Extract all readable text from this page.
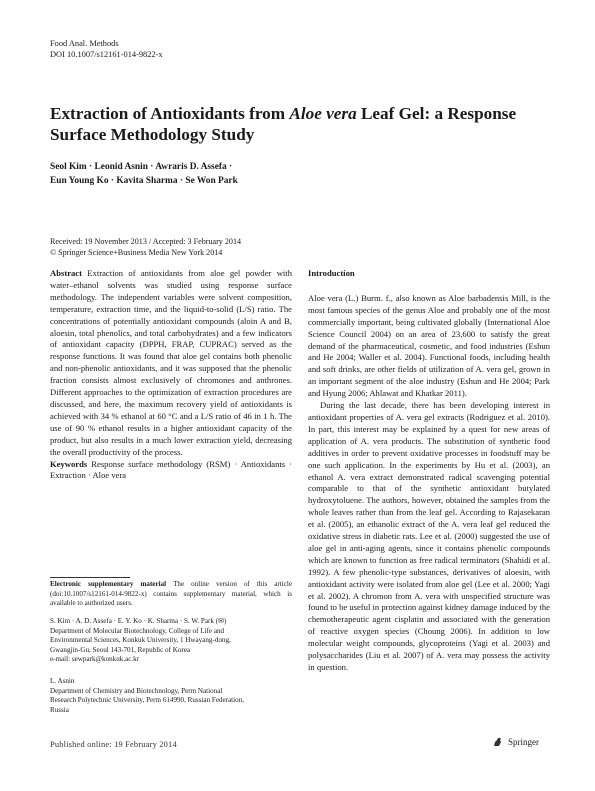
Food Anal. Methods
DOI 10.1007/s12161-014-9822-x
Extraction of Antioxidants from Aloe vera Leaf Gel: a Response Surface Methodology Study
Seol Kim · Leonid Asnin · Awraris D. Assefa ·
Eun Young Ko · Kavita Sharma · Se Won Park
Received: 19 November 2013 / Accepted: 3 February 2014
© Springer Science+Business Media New York 2014

Abstract Extraction of antioxidants from aloe gel powder with water–ethanol solvents was studied using response surface methodology. The independent variables were solvent composition, temperature, extraction time, and the liquid-to-solid (L/S) ratio. The concentrations of potentially antioxidant compounds (aloin A and B, aloesin, total phenolics, and total carbohydrates) and a few indicators of antioxidant capacity (DPPH, FRAP, CUPRAC) served as the response functions. It was found that aloe gel contains both phenolic and non-phenolic antioxidants, and it was supposed that the phenolic fraction consists almost exclusively of chromones and anthrones. Different approaches to the optimization of extraction procedures are discussed, and here, the maximum recovery yield of antioxidants is achieved with 34 % ethanol at 60 °C and a L/S ratio of 46 in 1 h. The use of 90 % ethanol results in a higher antioxidant capacity of the product, but also results in a much lower extraction yield, decreasing the overall productivity of the process.

Keywords Response surface methodology (RSM) · Antioxidants · Extraction · Aloe vera

Electronic supplementary material The online version of this article (doi:10.1007/s12161-014-9822-x) contains supplementary material, which is available to authorized users.

S. Kim · A. D. Assefa · E. Y. Ko · K. Sharma · S. W. Park (✉)

Department of Molecular Biotechnology, College of Life and

Environmental Sciences, Konkuk University, 1 Hwayang-dong,

Gwangjin-Gu, Seoul 143-701, Republic of Korea

e-mail: sewpark@konkuk.ac.kr

L. Asnin

Department of Chemistry and Biotechnology, Perm National

Research Polytechnic University, Perm 614990, Russian Federation,

Russia

Introduction

Aloe vera (L.) Burm. f., also known as Aloe barbadensis Mill, is the most famous species of the genus Aloe and probably one of the most commercially important, being cultivated globally (International Aloe Science Council 2004) on an area of 23,600 to satisfy the great demand of the pharmaceutical, cosmetic, and food industries (Eshun and He 2004; Waller et al. 2004). Functional foods, including health and soft drinks, are other fields of utilization of A. vera gel, grown in an important segment of the aloe industry (Eshun and He 2004; Park and Hyung 2006; Ahlawat and Khatkar 2011).

During the last decade, there has been developing interest in antioxidant properties of A. vera gel extracts (Rodriguez et al. 2010). In part, this interest may be explained by a quest for new areas of application of A. vera products. The substitution of synthetic food additives in order to prevent oxidative processes in foodstuff may be one such application. In the experiments by Hu et al. (2003), an ethanol A. vera extract demonstrated radical scavenging potential comparable to that of the synthetic antioxidant butylated hydroxytoluene. The authors, however, obtained the samples from the whole leaves rather than from the leaf gel. According to Rajasekaran et al. (2005), an ethanolic extract of the A. vera leaf gel reduced the oxidative stress in diabetic rats. Lee et al. (2000) suggested the use of aloe gel in anti-aging agents, since it contains phenolic compounds which are known to function as free radical terminators (Shahidi et al. 1992). A few phenolic-type substances, derivatives of aloesin, with antioxidant activity were isolated from aloe gel (Lee et al. 2000; Yagi et al. 2002). A chromon from A. vera with unspecified structure was found to be useful in protection against kidney damage induced by the chemotherapeutic agent cisplatin and associated with the generation of reactive oxygen species (Choung 2006). In addition to low molecular weight compounds, glycoproteins (Yagi et al. 2003) and polysaccharides (Liu et al. 2007) of A. vera may possess the activity in question.

Published online: 19 February 2014	Springer
